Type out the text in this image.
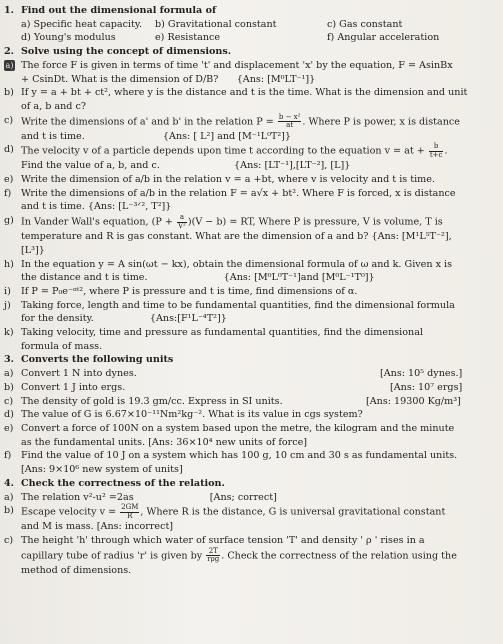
1. Find out the dimensional formula of
a) Specific heat capacity.	b) Gravitational constant	c) Gas constant
d) Young's modulus	e) Resistance	f) Angular acceleration
2. Solve using the concept of dimensions.
a) The force F is given in terms of time 't' and displacement 'x' by the equation, F = AsinBx
+ CsinDt. What is the dimension of D/B? {Ans: [M⁰LT⁻¹]}
b) If y = a + bt + ct², where y is the distance and t is the time. What is the dimension and unit
of a, b and c?
c) Write the dimensions of a' and b' in the relation $P = \frac{\text{b − x²}}{at}$ . Where P is power, x is distance
and t is time.	{Ans: [ L²] and [M⁻¹L⁰T²]}
d) The velocity v of a particle depends upon time t according to the equation v = at + $\frac{b}{t+c}$ .
Find the value of a, b, and c.	{Ans: [LT⁻¹],[LT⁻²], [L]}
e) Write the dimension of a/b in the relation v = a +bt, where v is velocity and t is time.
f)	Write the dimensions of a/b in the relation F = a√x + bt². Where F is forced, x is distance
and t is time. {Ans: [L⁻³ᐟ², T²]}
g) In Vander Wall's equation, $(P + \frac{a}{\text{V²}} )(V - b)$ = RT, Where P is pressure, V is volume, T is
temperature and R is gas constant. What are the dimension of a and b? {Ans: [M¹L⁵T⁻²],
[L³]}
h) In the equation y = A sin(ωt − kx), obtain the dimensional formula of ω and k. Given x is
the distance and t is time.	{Ans: [M⁰L⁰T⁻¹]and [M⁰L⁻¹T⁰]}
i)	If P = P₀e⁻ᵅᵗ², where P is pressure and t is time, find dimensions of α.
j)	Taking force, length and time to be fundamental quantities, find the dimensional formula
for the density.	{Ans:[F¹L⁻⁴T²]}
k) Taking velocity, time and pressure as fundamental quantities, find the dimensional
formula of mass.
3. Converts the following units
a) Convert 1 N into dynes.	[Ans: 10⁵ dynes.]
b) Convert 1 J into ergs.	[Ans: 10⁷ ergs]
c) The density of gold is 19.3 gm/cc. Express in SI units.	[Ans: 19300 Kg/m³]
d) The value of G is 6.67×10⁻¹¹Nm²kg⁻². What is its value in cgs system?
e) Convert a force of 100N on a system based upon the metre, the kilogram and the minute
as the fundamental units. [Ans: 36×10⁴ new units of force]
f)	Find the value of 10 J on a system which has 100 g, 10 cm and 30 s as fundamental units.
[Ans: 9×10⁶ new system of units]
4. Check the correctness of the relation.
a) The relation v²-u² =2as	[Ans; correct]
b) Escape velocity $v = \frac{2GM}{R}$ , Where R is the distance, G is universal gravitational constant
and M is mass. [Ans: incorrect]
c) The height 'h' through which water of surface tension 'T' and density ' ρ ' rises in a
capillary tube of radius 'r' is given by $\frac{2T}{\text{rρg}}$ . Check the correctness of the relation using the
method of dimensions.
